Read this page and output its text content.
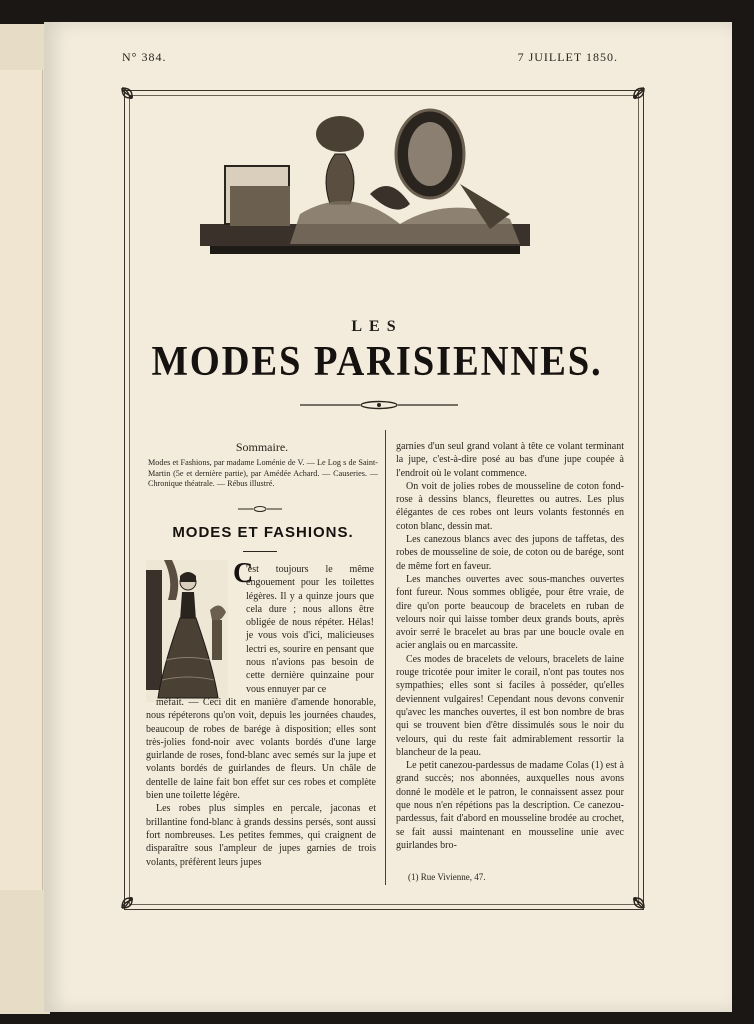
N° 384.	7 JUILLET 1850.
LES
MODES PARISIENNES.
Sommaire.
Modes et Fashions, par madame Loménie de V. — Le Log s de Saint-Martin (5e et dernière partie), par Amédée Achard. — Causeries. — Chronique théatrale. — Rébus illustré.
MODES ET FASHIONS.
C

'est toujours le même engouement pour les toilettes légères. Il y a quinze jours que cela dure ; nous allons être obligée de nous répéter. Hélas! je vous vois d'ici, malicieuses lectri es, sourire en pensant que nous n'avions pas besoin de cette dernière quinzaine pour vous ennuyer par ce

méfait. — Ceci dit en manière d'amende honorable, nous répéterons qu'on voit, depuis les journées chaudes, beaucoup de robes de barége à disposition; elles sont très-jolies fond-noir avec volants bordés d'une large guirlande de roses, fond-blanc avec semés sur la jupe et volants bordés de guirlandes de fleurs. Un châle de dentelle de laine fait bon effet sur ces robes et complète bien une toilette légère.

Les robes plus simples en percale, jaconas et brillantine fond-blanc à grands dessins persés, sont aussi fort nombreuses. Les petites femmes, qui craignent de disparaître sous l'ampleur de jupes garnies de trois volants, préfèrent leurs jupes

garnies d'un seul grand volant à tête ce volant terminant la jupe, c'est-à-dire posé au bas d'une jupe coupée à l'endroit où le volant commence.

On voit de jolies robes de mousseline de coton fond-rose à dessins blancs, fleurettes ou autres. Les plus élégantes de ces robes ont leurs volants festonnés en coton blanc, dessin mat.

Les canezous blancs avec des jupons de taffetas, des robes de mousseline de soie, de coton ou de barége, sont de même fort en faveur.

Les manches ouvertes avec sous-manches ouvertes font fureur. Nous sommes obligée, pour être vraie, de dire qu'on porte beaucoup de bracelets en ruban de velours noir qui laisse tomber deux grands bouts, après avoir serré le bracelet au bras par une boucle ovale en acier anglais ou en marcassite.

Ces modes de bracelets de velours, bracelets de laine rouge tricotée pour imiter le corail, n'ont pas toutes nos sympathies; elles sont si faciles à posséder, qu'elles deviennent vulgaires! Cependant nous devons convenir qu'avec les manches ouvertes, il est bon nombre de bras qui se trouvent bien d'être dissimulés sous le noir du velours, qui du reste fait admirablement ressortir la blancheur de la peau.

Le petit canezou-pardessus de madame Colas (1) est à grand succès; nos abonnées, auxquelles nous avons donné le modèle et le patron, le connaissent assez pour que nous n'en répétions pas la description. Ce canezou-pardessus, fait d'abord en mousseline brodée au crochet, se fait aussi maintenant en mousseline unie avec guirlandes bro-

(1) Rue Vivienne, 47.
